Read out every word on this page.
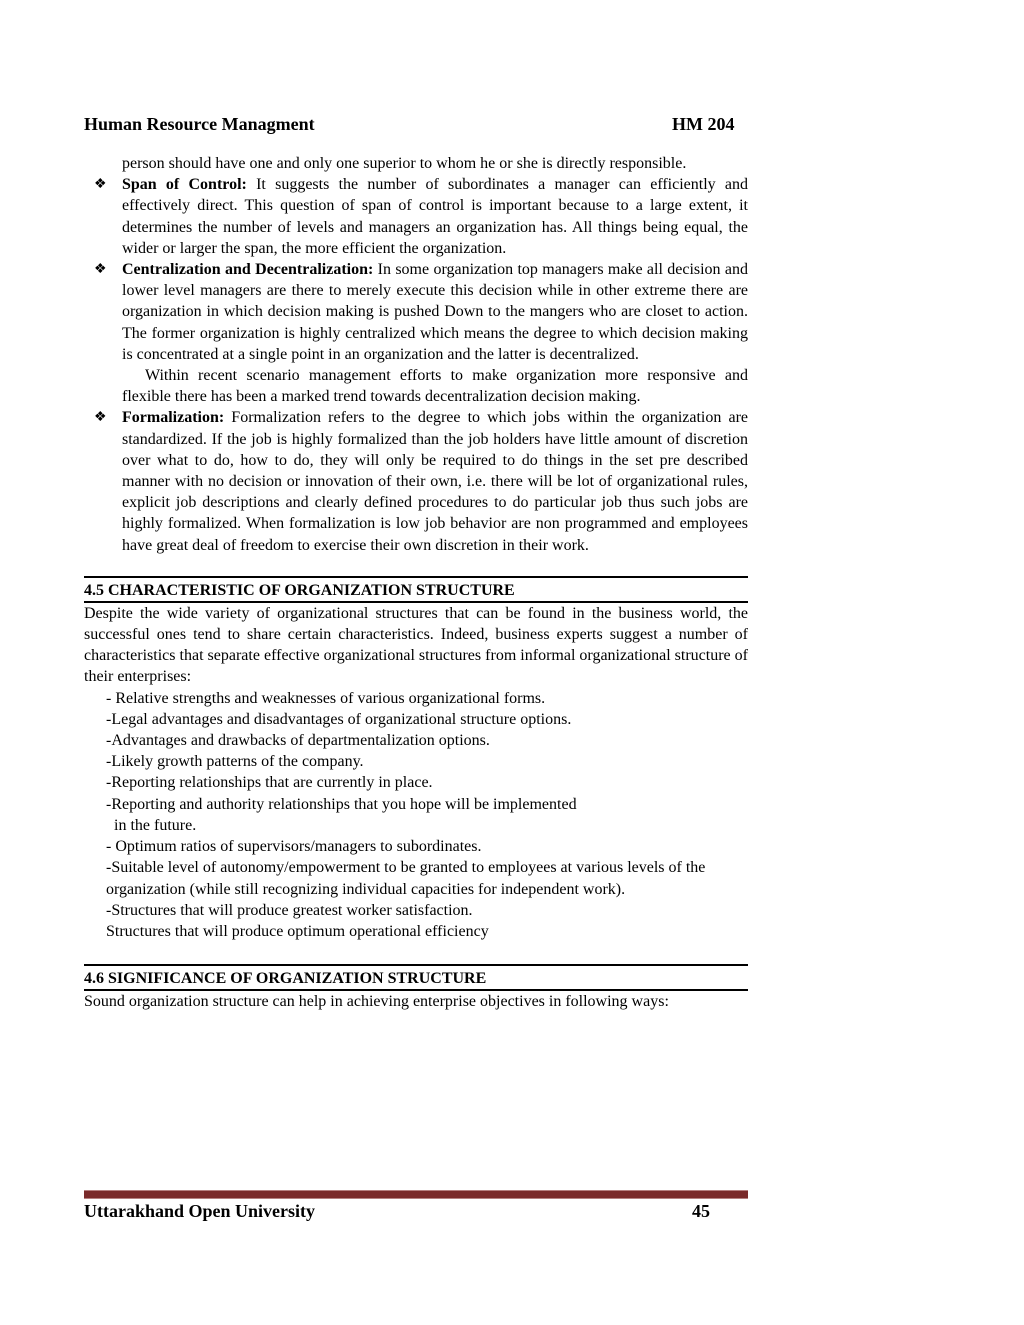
Human Resource Managment	HM 204
person should have one and only one superior to whom he or she is directly responsible.
❖ Span of Control: It suggests the number of subordinates a manager can efficiently and effectively direct. This question of span of control is important because to a large extent, it determines the number of levels and managers an organization has. All things being equal, the wider or larger the span, the more efficient the organization.
❖ Centralization and Decentralization: In some organization top managers make all decision and lower level managers are there to merely execute this decision while in other extreme there are organization in which decision making is pushed Down to the mangers who are closet to action. The former organization is highly centralized which means the degree to which decision making is concentrated at a single point in an organization and the latter is decentralized.
Within recent scenario management efforts to make organization more responsive and flexible there has been a marked trend towards decentralization decision making.
❖ Formalization: Formalization refers to the degree to which jobs within the organization are standardized. If the job is highly formalized than the job holders have little amount of discretion over what to do, how to do, they will only be required to do things in the set pre described manner with no decision or innovation of their own, i.e. there will be lot of organizational rules, explicit job descriptions and clearly defined procedures to do particular job thus such jobs are highly formalized. When formalization is low job behavior are non programmed and employees have great deal of freedom to exercise their own discretion in their work.
4.5 CHARACTERISTIC OF ORGANIZATION STRUCTURE
Despite the wide variety of organizational structures that can be found in the business world, the successful ones tend to share certain characteristics. Indeed, business experts suggest a number of characteristics that separate effective organizational structures from informal organizational structure of their enterprises:
- Relative strengths and weaknesses of various organizational forms.
-Legal advantages and disadvantages of organizational structure options.
-Advantages and drawbacks of departmentalization options.
-Likely growth patterns of the company.
-Reporting relationships that are currently in place.
-Reporting and authority relationships that you hope will be implemented
in the future.
- Optimum ratios of supervisors/managers to subordinates.
-Suitable level of autonomy/empowerment to be granted to employees at various levels of the organization (while still recognizing individual capacities for independent work).
-Structures that will produce greatest worker satisfaction.
Structures that will produce optimum operational efficiency
4.6 SIGNIFICANCE OF ORGANIZATION STRUCTURE
Sound organization structure can help in achieving enterprise objectives in following ways:
Uttarakhand Open University	45
